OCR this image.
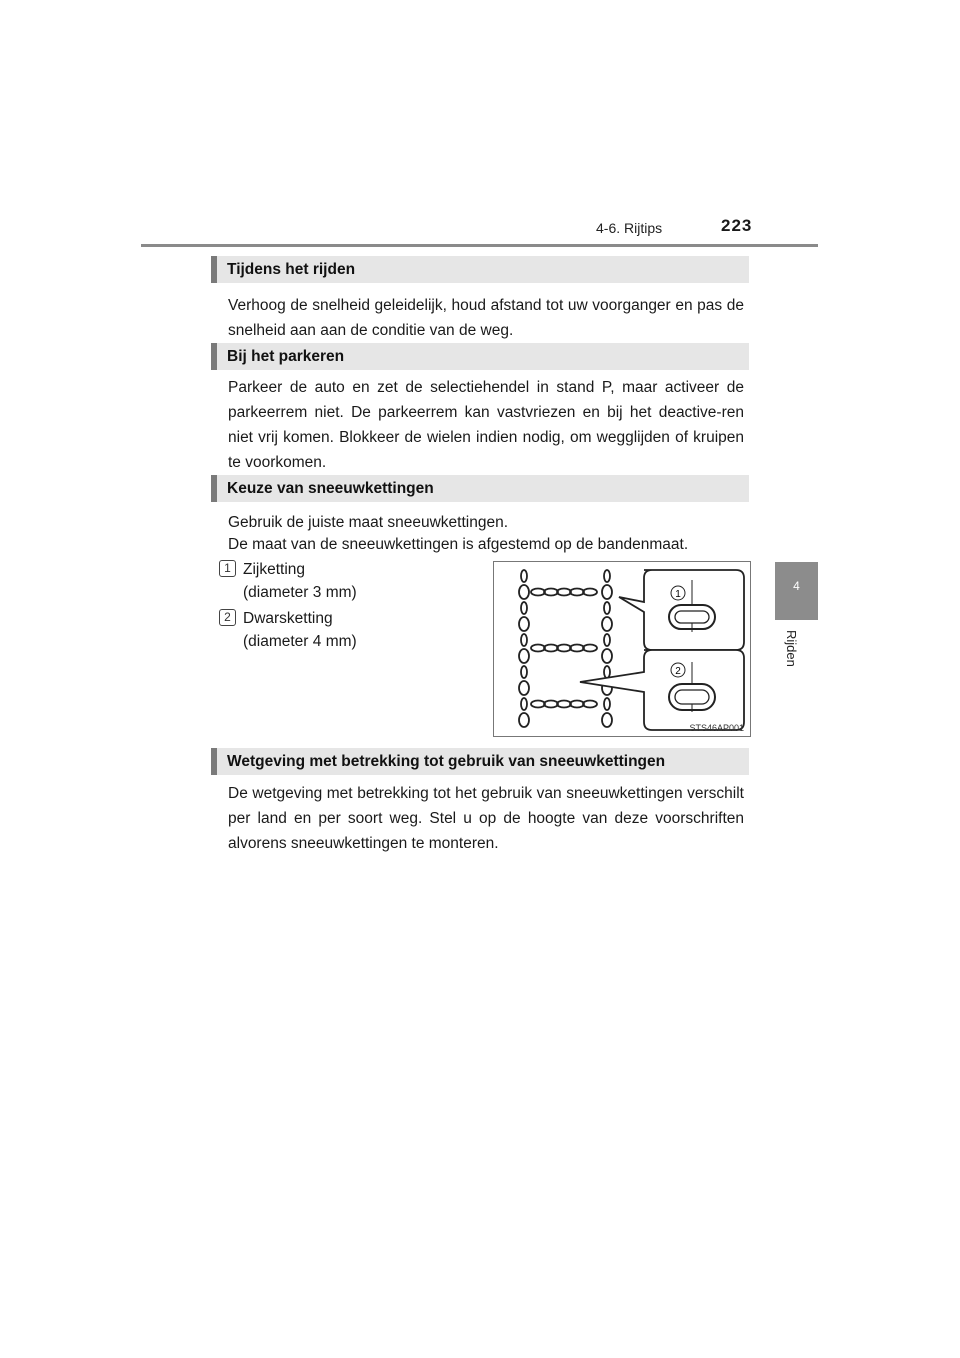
4-6. Rijtips	223
4
Rijden
Tijdens het rijden
Verhoog de snelheid geleidelijk, houd afstand tot uw voorganger en pas de snelheid aan aan de conditie van de weg.
Bij het parkeren
Parkeer de auto en zet de selectiehendel in stand P, maar activeer de parkeerrem niet. De parkeerrem kan vastvriezen en bij het deactive-ren niet vrij komen. Blokkeer de wielen indien nodig, om wegglijden of kruipen te voorkomen.
Keuze van sneeuwkettingen
Gebruik de juiste maat sneeuwkettingen.
De maat van de sneeuwkettingen is afgestemd op de bandenmaat.
1 Zijketting
(diameter 3 mm)
2 Dwarsketting
(diameter 4 mm)
1
2
STS46AP001
Wetgeving met betrekking tot gebruik van sneeuwkettingen
De wetgeving met betrekking tot het gebruik van sneeuwkettingen verschilt per land en per soort weg. Stel u op de hoogte van deze voorschriften alvorens sneeuwkettingen te monteren.
